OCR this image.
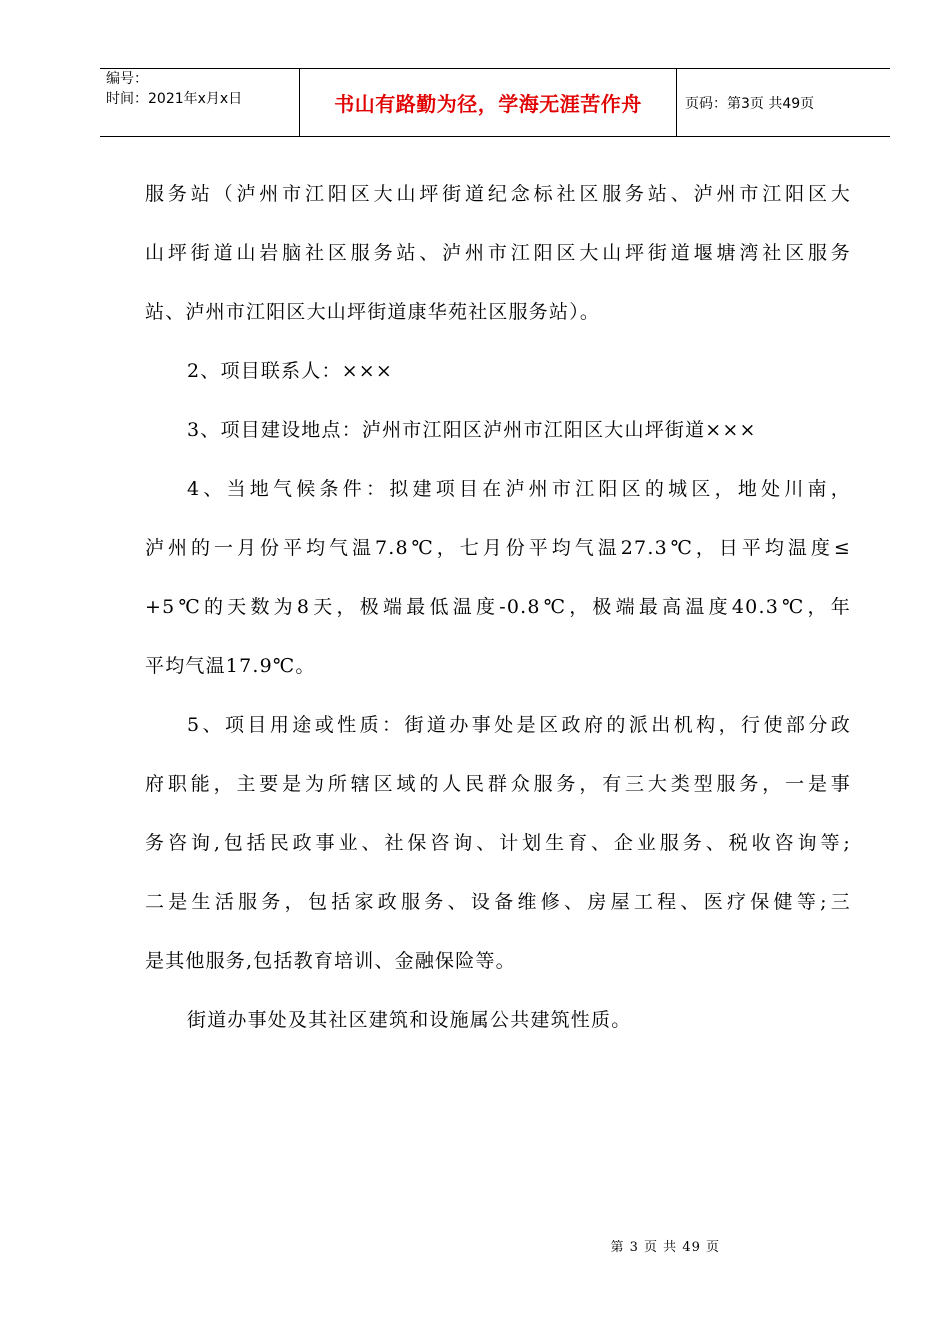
编号：
时间：2021年x月x日	书山有路勤为径，学海无涯苦作舟	页码：第3页 共49页
服务站（泸州市江阳区大山坪街道纪念标社区服务站、泸州市江阳区大
山坪街道山岩脑社区服务站、泸州市江阳区大山坪街道堰塘湾社区服务
站、泸州市江阳区大山坪街道康华苑社区服务站）。
2、项目联系人：×××
3、项目建设地点：泸州市江阳区泸州市江阳区大山坪街道×××
4、当地气候条件：拟建项目在泸州市江阳区的城区，地处川南，
泸州的一月份平均气温7.8℃，七月份平均气温27.3℃，日平均温度≤
+5℃的天数为8天，极端最低温度-0.8℃，极端最高温度40.3℃，年
平均气温17.9℃。
5、项目用途或性质：街道办事处是区政府的派出机构，行使部分政
府职能，主要是为所辖区域的人民群众服务，有三大类型服务，一是事
务咨询,包括民政事业、社保咨询、计划生育、企业服务、税收咨询等;
二是生活服务，包括家政服务、设备维修、房屋工程、医疗保健等;三
是其他服务,包括教育培训、金融保险等。
街道办事处及其社区建筑和设施属公共建筑性质。
第 3 页 共 49 页
